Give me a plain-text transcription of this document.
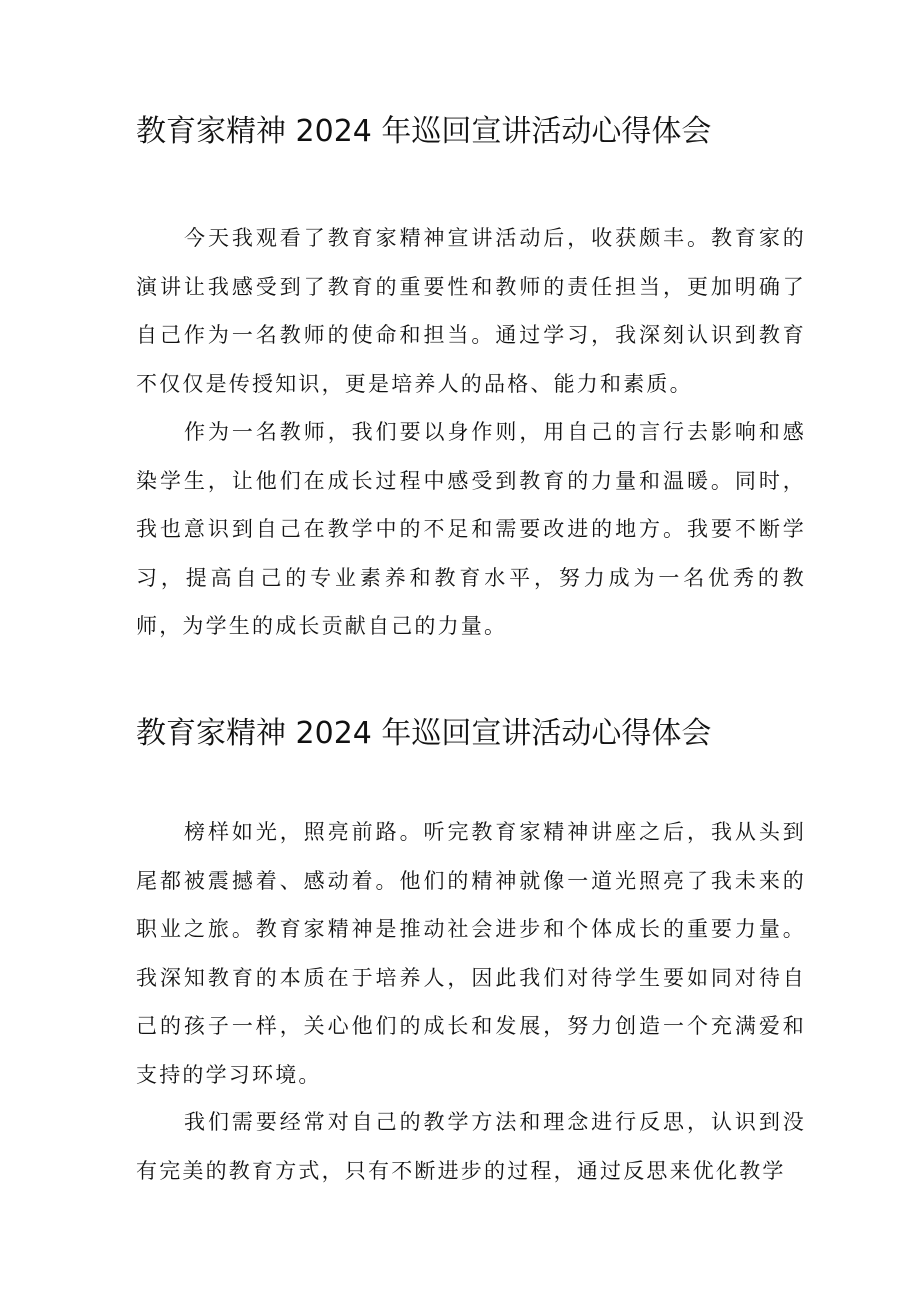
教育家精神 2024 年巡回宣讲活动心得体会

今天我观看了教育家精神宣讲活动后，收获颇丰。教育家的演讲让我感受到了教育的重要性和教师的责任担当，更加明确了自己作为一名教师的使命和担当。通过学习，我深刻认识到教育不仅仅是传授知识，更是培养人的品格、能力和素质。

作为一名教师，我们要以身作则，用自己的言行去影响和感染学生，让他们在成长过程中感受到教育的力量和温暖。同时，我也意识到自己在教学中的不足和需要改进的地方。我要不断学习，提高自己的专业素养和教育水平，努力成为一名优秀的教师，为学生的成长贡献自己的力量。

教育家精神 2024 年巡回宣讲活动心得体会

榜样如光，照亮前路。听完教育家精神讲座之后，我从头到尾都被震撼着、感动着。他们的精神就像一道光照亮了我未来的职业之旅。教育家精神是推动社会进步和个体成长的重要力量。我深知教育的本质在于培养人，因此我们对待学生要如同对待自己的孩子一样，关心他们的成长和发展，努力创造一个充满爱和支持的学习环境。

我们需要经常对自己的教学方法和理念进行反思，认识到没有完美的教育方式，只有不断进步的过程，通过反思来优化教学
